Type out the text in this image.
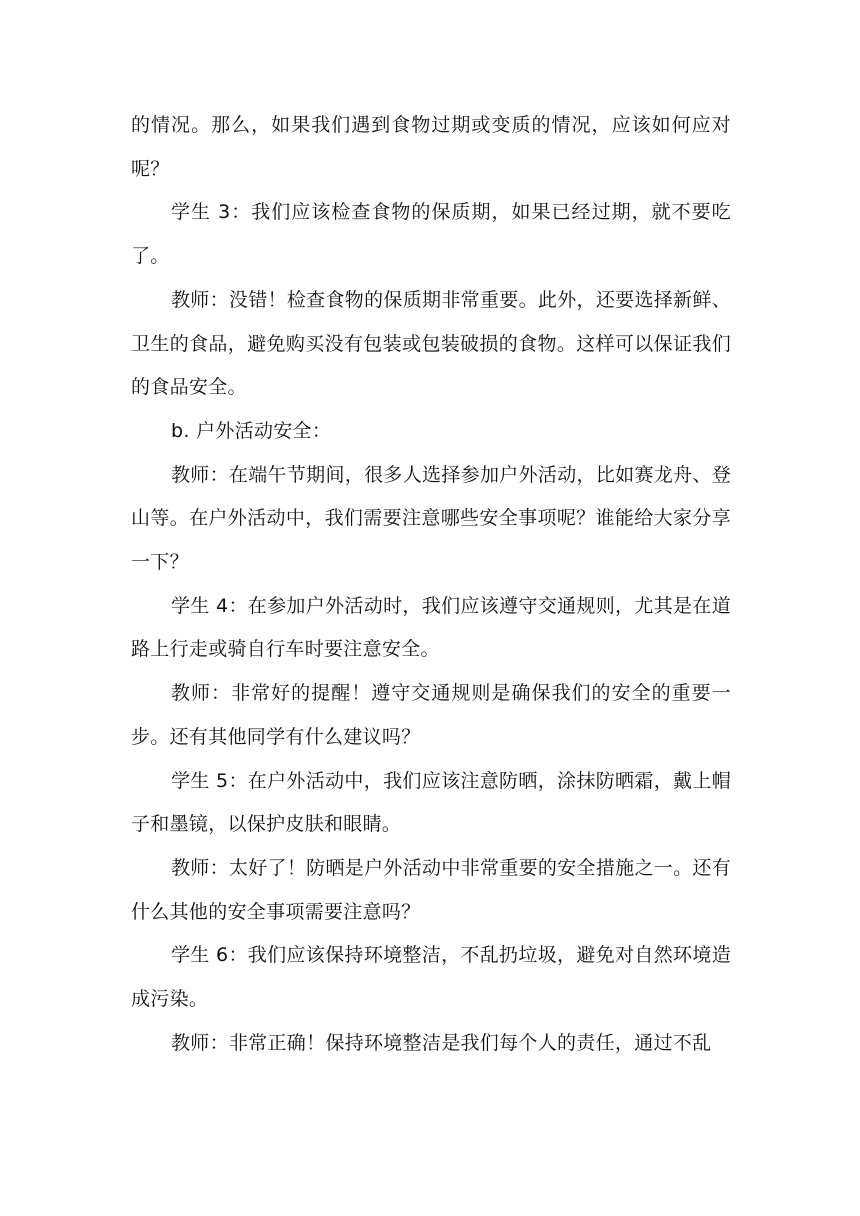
的情况。那么，如果我们遇到食物过期或变质的情况，应该如何应对呢？

学生 3：我们应该检查食物的保质期，如果已经过期，就不要吃了。

教师：没错！检查食物的保质期非常重要。此外，还要选择新鲜、卫生的食品，避免购买没有包装或包装破损的食物。这样可以保证我们的食品安全。

b. 户外活动安全：

教师：在端午节期间，很多人选择参加户外活动，比如赛龙舟、登山等。在户外活动中，我们需要注意哪些安全事项呢？谁能给大家分享一下？

学生 4：在参加户外活动时，我们应该遵守交通规则，尤其是在道路上行走或骑自行车时要注意安全。

教师：非常好的提醒！遵守交通规则是确保我们的安全的重要一步。还有其他同学有什么建议吗？

学生 5：在户外活动中，我们应该注意防晒，涂抹防晒霜，戴上帽子和墨镜，以保护皮肤和眼睛。

教师：太好了！防晒是户外活动中非常重要的安全措施之一。还有什么其他的安全事项需要注意吗？

学生 6：我们应该保持环境整洁，不乱扔垃圾，避免对自然环境造成污染。

教师：非常正确！保持环境整洁是我们每个人的责任，通过不乱
